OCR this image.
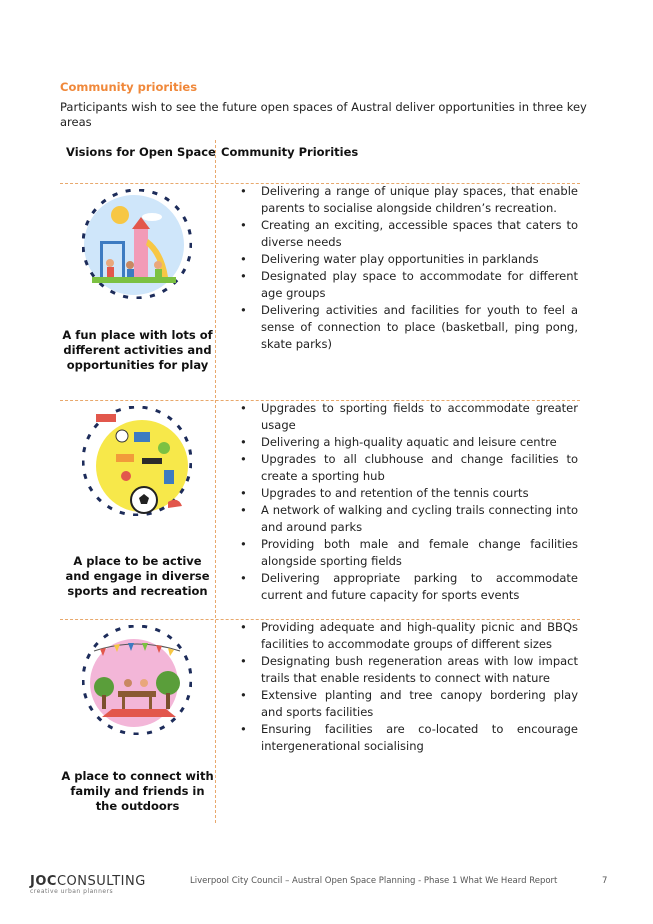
Community priorities
Participants wish to see the future open spaces of Austral deliver opportunities in three key areas
Visions for Open Space Community Priorities
A fun place with lots of different activities and opportunities for play
• Delivering a range of unique play spaces, that enable parents to socialise alongside children’s recreation.
• Creating an exciting, accessible spaces that caters to diverse needs
• Delivering water play opportunities in parklands
• Designated play space to accommodate for different age groups
• Delivering activities and facilities for youth to feel a sense of connection to place (basketball, ping pong, skate parks)
A place to be active and engage in diverse sports and recreation
• Upgrades to sporting fields to accommodate greater usage
• Delivering a high-quality aquatic and leisure centre
• Upgrades to all clubhouse and change facilities to create a sporting hub
• Upgrades to and retention of the tennis courts
• A network of walking and cycling trails connecting into and around parks
• Providing both male and female change facilities alongside sporting fields
• Delivering appropriate parking to accommodate current and future capacity for sports events
A place to connect with family and friends in the outdoors
• Providing adequate and high-quality picnic and BBQs facilities to accommodate groups of different sizes
• Designating bush regeneration areas with low impact trails that enable residents to connect with nature
• Extensive planting and tree canopy bordering play and sports facilities
• Ensuring facilities are co-located to encourage intergenerational socialising
JOCCONSULTING
creative urban planners
Liverpool City Council – Austral Open Space Planning - Phase 1 What We Heard Report	7
